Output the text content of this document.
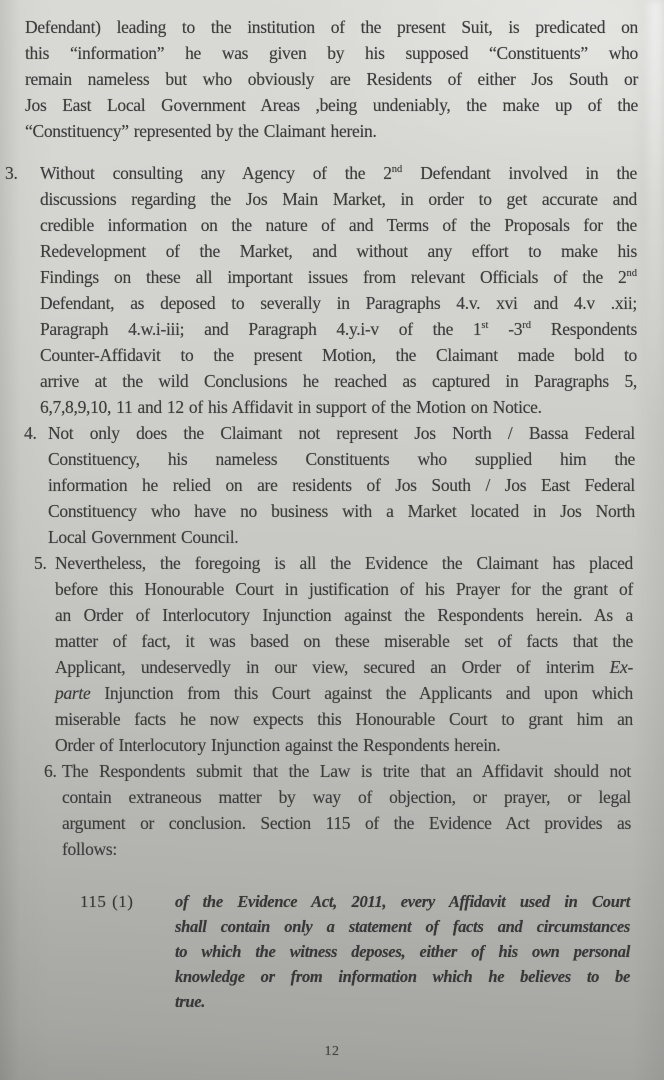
Defendant) leading to the institution of the present Suit, is predicated on
this “information” he was given by his supposed “Constituents” who
remain nameless but who obviously are Residents of either Jos South or
Jos East Local Government Areas ,being undeniably, the make up of the
“Constituency” represented by the Claimant herein.
3. Without consulting any Agency of the 2nd Defendant involved in the
discussions regarding the Jos Main Market, in order to get accurate and
credible information on the nature of and Terms of the Proposals for the
Redevelopment of the Market, and without any effort to make his
Findings on these all important issues from relevant Officials of the 2nd
Defendant, as deposed to severally in Paragraphs 4.v. xvi and 4.v .xii;
Paragraph 4.w.i-iii; and Paragraph 4.y.i-v of the 1st -3rd Respondents
Counter-Affidavit to the present Motion, the Claimant made bold to
arrive at the wild Conclusions he reached as captured in Paragraphs 5,
6,7,8,9,10, 11 and 12 of his Affidavit in support of the Motion on Notice.
4. Not only does the Claimant not represent Jos North / Bassa Federal
Constituency, his nameless Constituents who supplied him the
information he relied on are residents of Jos South / Jos East Federal
Constituency who have no business with a Market located in Jos North
Local Government Council.
5. Nevertheless, the foregoing is all the Evidence the Claimant has placed
before this Honourable Court in justification of his Prayer for the grant of
an Order of Interlocutory Injunction against the Respondents herein. As a
matter of fact, it was based on these miserable set of facts that the
Applicant, undeservedly in our view, secured an Order of interim Ex-
parte Injunction from this Court against the Applicants and upon which
miserable facts he now expects this Honourable Court to grant him an
Order of Interlocutory Injunction against the Respondents herein.
6. The Respondents submit that the Law is trite that an Affidavit should not
contain extraneous matter by way of objection, or prayer, or legal
argument or conclusion. Section 115 of the Evidence Act provides as
follows:
115 (1)	of the Evidence Act, 2011, every Affidavit used in Court
shall contain only a statement of facts and circumstances
to which the witness deposes, either of his own personal
knowledge or from information which he believes to be
true.
12
